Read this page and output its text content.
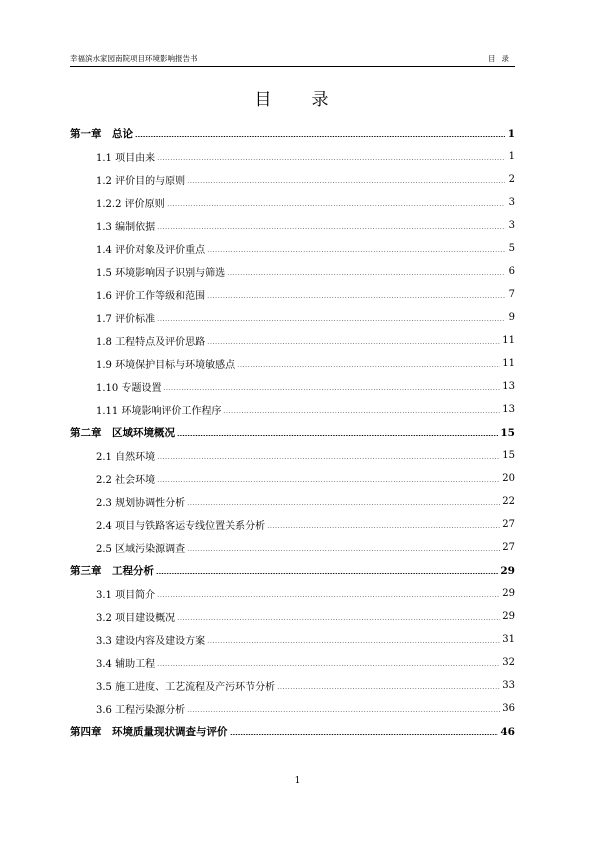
幸福滨水家园南院项目环境影响报告书	目录
目录
第一章　总论	1
1.1 项目由来	1
1.2 评价目的与原则	2
1.2.2 评价原则	3
1.3 编制依据	3
1.4 评价对象及评价重点	5
1.5 环境影响因子识别与筛选	6
1.6 评价工作等级和范围	7
1.7 评价标准	9
1.8 工程特点及评价思路	11
1.9 环境保护目标与环境敏感点	11
1.10 专题设置	13
1.11 环境影响评价工作程序	13
第二章　区域环境概况	15
2.1 自然环境	15
2.2 社会环境	20
2.3 规划协调性分析	22
2.4 项目与铁路客运专线位置关系分析	27
2.5 区域污染源调查	27
第三章　工程分析	29
3.1 项目简介	29
3.2 项目建设概况	29
3.3 建设内容及建设方案	31
3.4 辅助工程	32
3.5 施工进度、工艺流程及产污环节分析	33
3.6 工程污染源分析	36
第四章　环境质量现状调查与评价	46
1
